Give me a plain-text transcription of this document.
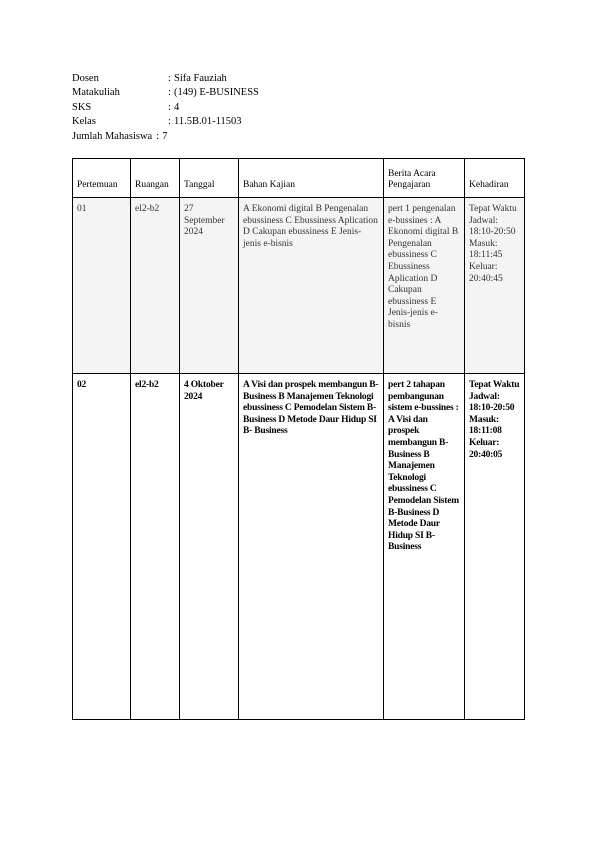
Dosen	: Sifa Fauziah
Matakuliah	: (149) E-BUSINESS
SKS	: 4
Kelas	: 11.5B.01-11503
Jumlah Mahasiswa : 7
Pertemuan	Ruangan	Tanggal	Bahan Kajian	Berita Acara Pengajaran	Kehadiran
01	el2-b2	27 September 2024	A Ekonomi digital B Pengenalan ebussiness C Ebussiness Aplication D Cakupan ebussiness E Jenis-jenis e-bisnis	pert 1 pengenalan e-bussines : A Ekonomi digital B Pengenalan ebussiness C Ebussiness Aplication D Cakupan ebussiness E Jenis-jenis e-bisnis	Tepat Waktu Jadwal: 18:10-20:50 Masuk: 18:11:45 Keluar: 20:40:45
02	el2-b2	4 Oktober 2024	A Visi dan prospek membangun B- Business B Manajemen Teknologi ebussiness C Pemodelan Sistem B- Business D Metode Daur Hidup SI B- Business	pert 2 tahapan pembangunan sistem e-bussines : A Visi dan prospek membangun B-Business B Manajemen Teknologi ebussiness C Pemodelan Sistem B-Business D Metode Daur Hidup SI B-Business	Tepat Waktu Jadwal: 18:10-20:50 Masuk: 18:11:08 Keluar: 20:40:05
